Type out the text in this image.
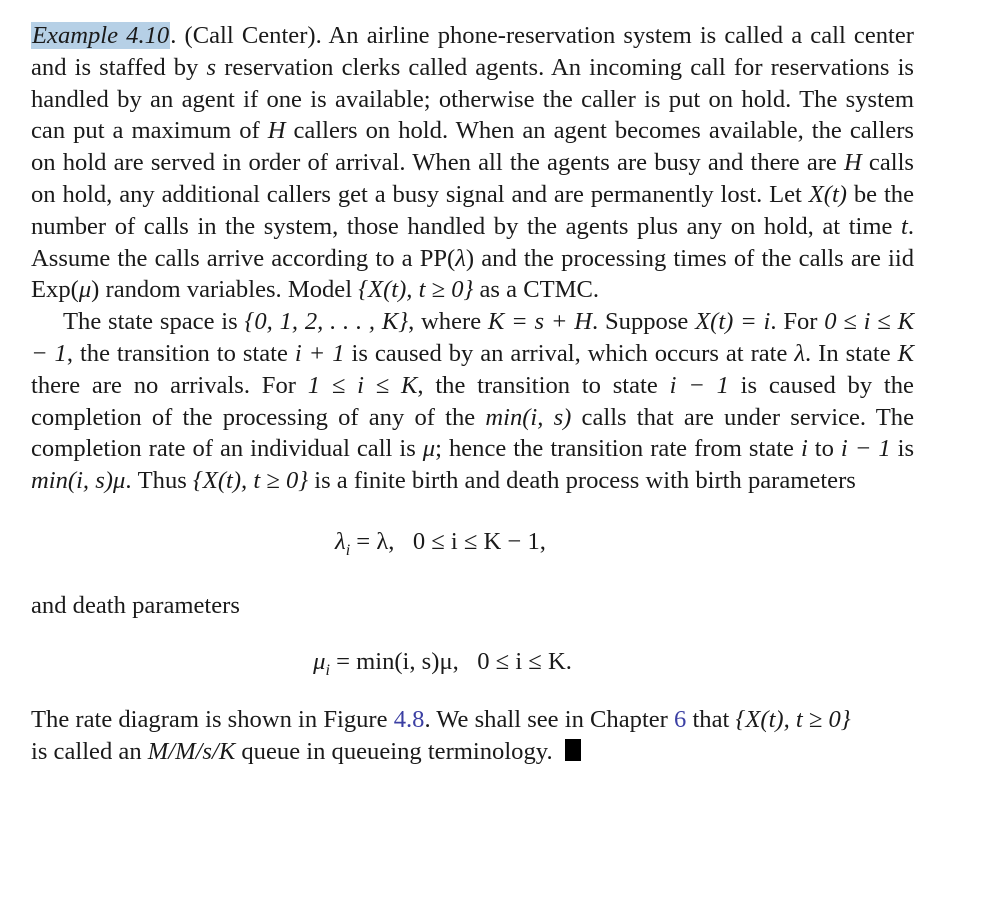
Example 4.10. (Call Center). An airline phone-reservation system is called a call center and is staffed by s reservation clerks called agents. An incoming call for reservations is handled by an agent if one is available; otherwise the caller is put on hold. The system can put a maximum of H callers on hold. When an agent becomes available, the callers on hold are served in order of arrival. When all the agents are busy and there are H calls on hold, any additional callers get a busy signal and are permanently lost. Let X(t) be the number of calls in the system, those handled by the agents plus any on hold, at time t. Assume the calls arrive according to a PP(λ) and the processing times of the calls are iid Exp(μ) random variables. Model {X(t), t ≥ 0} as a CTMC.

The state space is {0, 1, 2, . . . , K}, where K = s + H. Suppose X(t) = i. For 0 ≤ i ≤ K − 1, the transition to state i + 1 is caused by an arrival, which occurs at rate λ. In state K there are no arrivals. For 1 ≤ i ≤ K, the transition to state i − 1 is caused by the completion of the processing of any of the min(i, s) calls that are under service. The completion rate of an individual call is μ; hence the transition rate from state i to i − 1 is min(i, s)μ. Thus {X(t), t ≥ 0} is a finite birth and death process with birth parameters

$\lambda_i = \lambda$,   0 ≤ i ≤ K − 1,

and death parameters

$\mu_i = \min(i$, s)μ,   0 ≤ i ≤ K.

The rate diagram is shown in Figure 4.8. We shall see in Chapter 6 that {X(t), t ≥ 0}
is called an M/M/s/K queue in queueing terminology.
